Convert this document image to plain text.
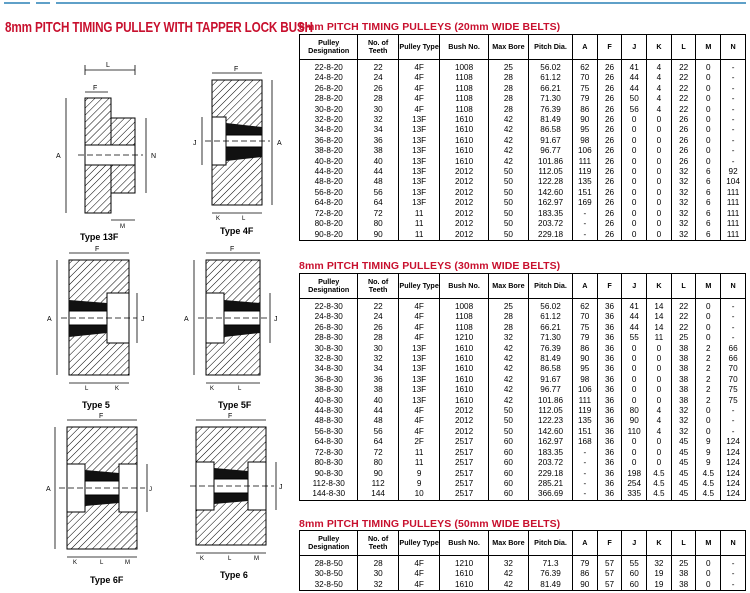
8mm PITCH TIMING PULLEY WITH TAPPER LOCK BUSH
8mm PITCH TIMING PULLEYS (20mm WIDE BELTS)
Pulley Designation	No. of Teeth	Pulley Type	Bush No.	Max Bore	Pitch Dia.	A	F	J	K	L	M	N
22-8-20	22	4F	1008	25	56.02	62	26	41	4	22	0	-
24-8-20	24	4F	1108	28	61.12	70	26	44	4	22	0	-
26-8-20	26	4F	1108	28	66.21	75	26	44	4	22	0	-
28-8-20	28	4F	1108	28	71.30	79	26	50	4	22	0	-
30-8-20	30	4F	1108	28	76.39	86	26	56	4	22	0	-
32-8-20	32	13F	1610	42	81.49	90	26	0	0	26	0	-
34-8-20	34	13F	1610	42	86.58	95	26	0	0	26	0	-
36-8-20	36	13F	1610	42	91.67	98	26	0	0	26	0	-
38-8-20	38	13F	1610	42	96.77	106	26	0	0	26	0	-
40-8-20	40	13F	1610	42	101.86	111	26	0	0	26	0	-
44-8-20	44	13F	2012	50	112.05	119	26	0	0	32	6	92
48-8-20	48	13F	2012	50	122.28	135	26	0	0	32	6	104
56-8-20	56	13F	2012	50	142.60	151	26	0	0	32	6	111
64-8-20	64	13F	2012	50	162.97	169	26	0	0	32	6	111
72-8-20	72	11	2012	50	183.35	-	26	0	0	32	6	111
80-8-20	80	11	2012	50	203.72	-	26	0	0	32	6	111
90-8-20	90	11	2012	50	229.18	-	26	0	0	32	6	111
8mm PITCH TIMING PULLEYS (30mm WIDE BELTS)
Pulley Designation	No. of Teeth	Pulley Type	Bush No.	Max Bore	Pitch Dia.	A	F	J	K	L	M	N
22-8-30	22	4F	1008	25	56.02	62	36	41	14	22	0	-
24-8-30	24	4F	1108	28	61.12	70	36	44	14	22	0	-
26-8-30	26	4F	1108	28	66.21	75	36	44	14	22	0	-
28-8-30	28	4F	1210	32	71.30	79	36	55	11	25	0	-
30-8-30	30	13F	1610	42	76.39	86	36	0	0	38	2	66
32-8-30	32	13F	1610	42	81.49	90	36	0	0	38	2	66
34-8-30	34	13F	1610	42	86.58	95	36	0	0	38	2	70
36-8-30	36	13F	1610	42	91.67	98	36	0	0	38	2	70
38-8-30	38	13F	1610	42	96.77	106	36	0	0	38	2	75
40-8-30	40	13F	1610	42	101.86	111	36	0	0	38	2	75
44-8-30	44	4F	2012	50	112.05	119	36	80	4	32	0	-
48-8-30	48	4F	2012	50	122.23	135	36	90	4	32	0	-
56-8-30	56	4F	2012	50	142.60	151	36	110	4	32	0	-
64-8-30	64	2F	2517	60	162.97	168	36	0	0	45	9	124
72-8-30	72	11	2517	60	183.35	-	36	0	0	45	9	124
80-8-30	80	11	2517	60	203.72	-	36	0	0	45	9	124
90-8-30	90	9	2517	60	229.18	-	36	198	4.5	45	4.5	124
112-8-30	112	9	2517	60	285.21	-	36	254	4.5	45	4.5	124
144-8-30	144	10	2517	60	366.69	-	36	335	4.5	45	4.5	124
8mm PITCH TIMING PULLEYS (50mm WIDE BELTS)
Pulley Designation	No. of Teeth	Pulley Type	Bush No.	Max Bore	Pitch Dia.	A	F	J	K	L	M	N
28-8-50	28	4F	1210	32	71.3	79	57	55	32	25	0	-
30-8-50	30	4F	1610	42	76.39	86	57	60	19	38	0	-
32-8-50	32	4F	1610	42	81.49	90	57	60	19	38	0	-
L
F
A	N
M
Type 13F
F
J	A
K	L
Type 4F
F
A	J
L	K
Type 5
F
A	J
K	L
Type 5F
F
A	J
K	L	M
Type 6F
F
J
K	L	M
Type 6
